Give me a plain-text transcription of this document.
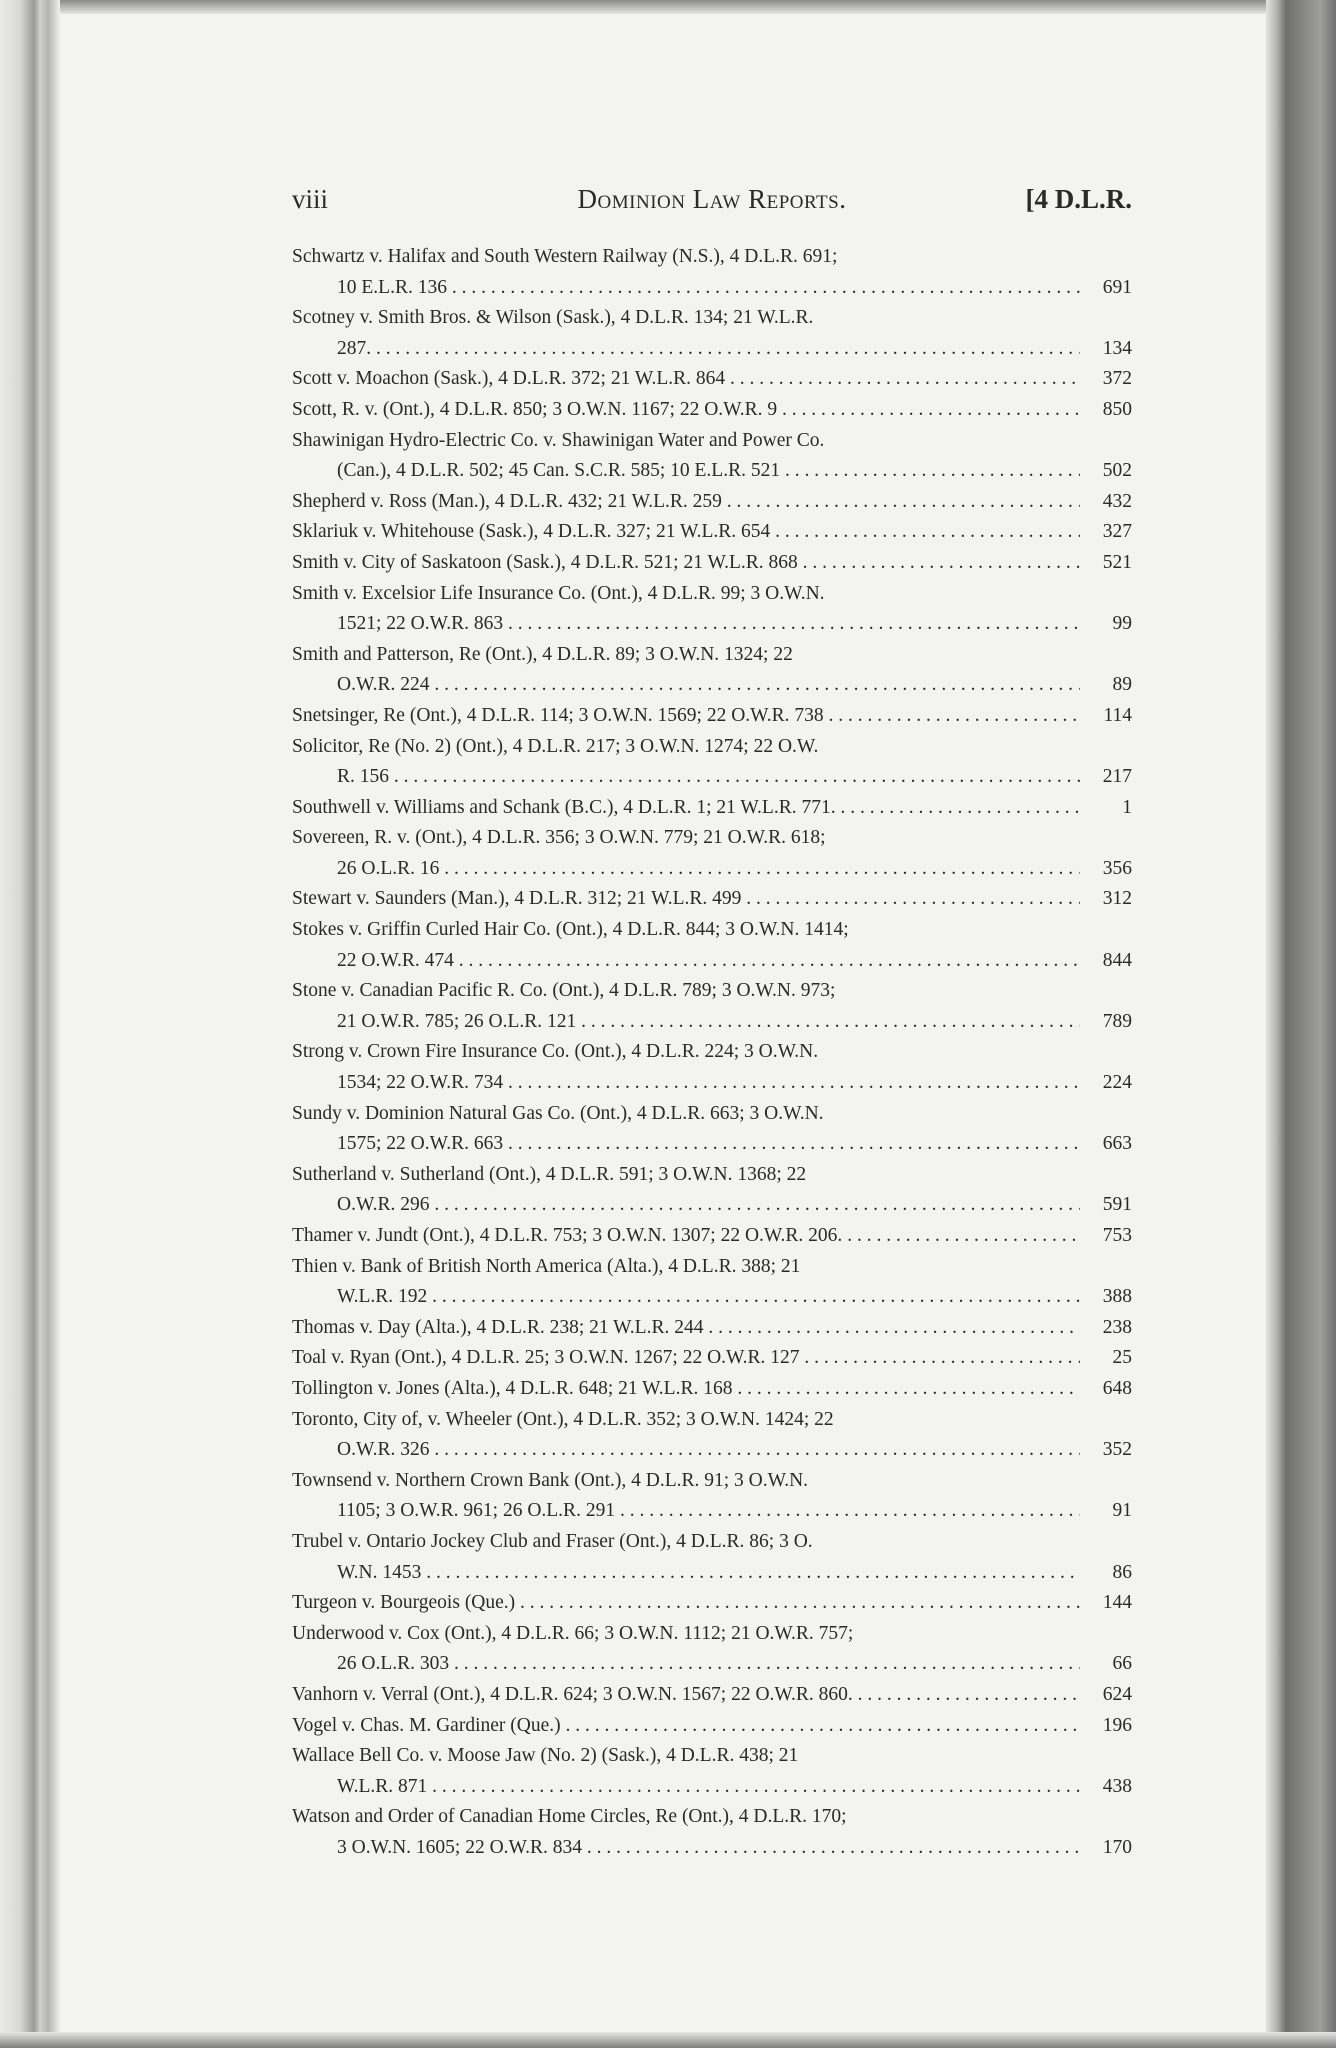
viii	Dominion Law Reports.	[4 D.L.R.
Schwartz v. Halifax and South Western Railway (N.S.), 4 D.L.R. 691;
10 E.L.R. 136	691
. . .
Scotney v. Smith Bros. & Wilson (Sask.), 4 D.L.R. 134; 21 W.L.R.
287.	134
. . .
Scott v. Moachon (Sask.), 4 D.L.R. 372; 21 W.L.R. 864	372
. . .
Scott, R. v. (Ont.), 4 D.L.R. 850; 3 O.W.N. 1167; 22 O.W.R. 9	850
. . .
Shawinigan Hydro-Electric Co. v. Shawinigan Water and Power Co.
(Can.), 4 D.L.R. 502; 45 Can. S.C.R. 585; 10 E.L.R. 521	502
. . .
Shepherd v. Ross (Man.), 4 D.L.R. 432; 21 W.L.R. 259	432
. . .
Sklariuk v. Whitehouse (Sask.), 4 D.L.R. 327; 21 W.L.R. 654	327
. . .
Smith v. City of Saskatoon (Sask.), 4 D.L.R. 521; 21 W.L.R. 868	521
. . .
Smith v. Excelsior Life Insurance Co. (Ont.), 4 D.L.R. 99; 3 O.W.N.
1521; 22 O.W.R. 863	99
. . .
Smith and Patterson, Re (Ont.), 4 D.L.R. 89; 3 O.W.N. 1324; 22
O.W.R. 224	89
. . .
Snetsinger, Re (Ont.), 4 D.L.R. 114; 3 O.W.N. 1569; 22 O.W.R. 738	114
. . .
Solicitor, Re (No. 2) (Ont.), 4 D.L.R. 217; 3 O.W.N. 1274; 22 O.W.
R. 156	217
. . .
Southwell v. Williams and Schank (B.C.), 4 D.L.R. 1; 21 W.L.R. 771.	1
. . .
Sovereen, R. v. (Ont.), 4 D.L.R. 356; 3 O.W.N. 779; 21 O.W.R. 618;
26 O.L.R. 16	356
. . .
Stewart v. Saunders (Man.), 4 D.L.R. 312; 21 W.L.R. 499	312
. . .
Stokes v. Griffin Curled Hair Co. (Ont.), 4 D.L.R. 844; 3 O.W.N. 1414;
22 O.W.R. 474	844
. . .
Stone v. Canadian Pacific R. Co. (Ont.), 4 D.L.R. 789; 3 O.W.N. 973;
21 O.W.R. 785; 26 O.L.R. 121	789
. . .
Strong v. Crown Fire Insurance Co. (Ont.), 4 D.L.R. 224; 3 O.W.N.
1534; 22 O.W.R. 734	224
. . .
Sundy v. Dominion Natural Gas Co. (Ont.), 4 D.L.R. 663; 3 O.W.N.
1575; 22 O.W.R. 663	663
. . .
Sutherland v. Sutherland (Ont.), 4 D.L.R. 591; 3 O.W.N. 1368; 22
O.W.R. 296	591
. . .
Thamer v. Jundt (Ont.), 4 D.L.R. 753; 3 O.W.N. 1307; 22 O.W.R. 206.	753
. . .
Thien v. Bank of British North America (Alta.), 4 D.L.R. 388; 21
W.L.R. 192	388
. . .
Thomas v. Day (Alta.), 4 D.L.R. 238; 21 W.L.R. 244	238
. . .
Toal v. Ryan (Ont.), 4 D.L.R. 25; 3 O.W.N. 1267; 22 O.W.R. 127	25
. . .
Tollington v. Jones (Alta.), 4 D.L.R. 648; 21 W.L.R. 168	648
. . .
Toronto, City of, v. Wheeler (Ont.), 4 D.L.R. 352; 3 O.W.N. 1424; 22
O.W.R. 326	352
. . .
Townsend v. Northern Crown Bank (Ont.), 4 D.L.R. 91; 3 O.W.N.
1105; 3 O.W.R. 961; 26 O.L.R. 291	91
. . .
Trubel v. Ontario Jockey Club and Fraser (Ont.), 4 D.L.R. 86; 3 O.
W.N. 1453	86
. . .
Turgeon v. Bourgeois (Que.)	144
. . .
Underwood v. Cox (Ont.), 4 D.L.R. 66; 3 O.W.N. 1112; 21 O.W.R. 757;
26 O.L.R. 303	66
. . .
Vanhorn v. Verral (Ont.), 4 D.L.R. 624; 3 O.W.N. 1567; 22 O.W.R. 860.	624
. . .
Vogel v. Chas. M. Gardiner (Que.)	196
. . .
Wallace Bell Co. v. Moose Jaw (No. 2) (Sask.), 4 D.L.R. 438; 21
W.L.R. 871	438
. . .
Watson and Order of Canadian Home Circles, Re (Ont.), 4 D.L.R. 170;
3 O.W.N. 1605; 22 O.W.R. 834	170
. . .
